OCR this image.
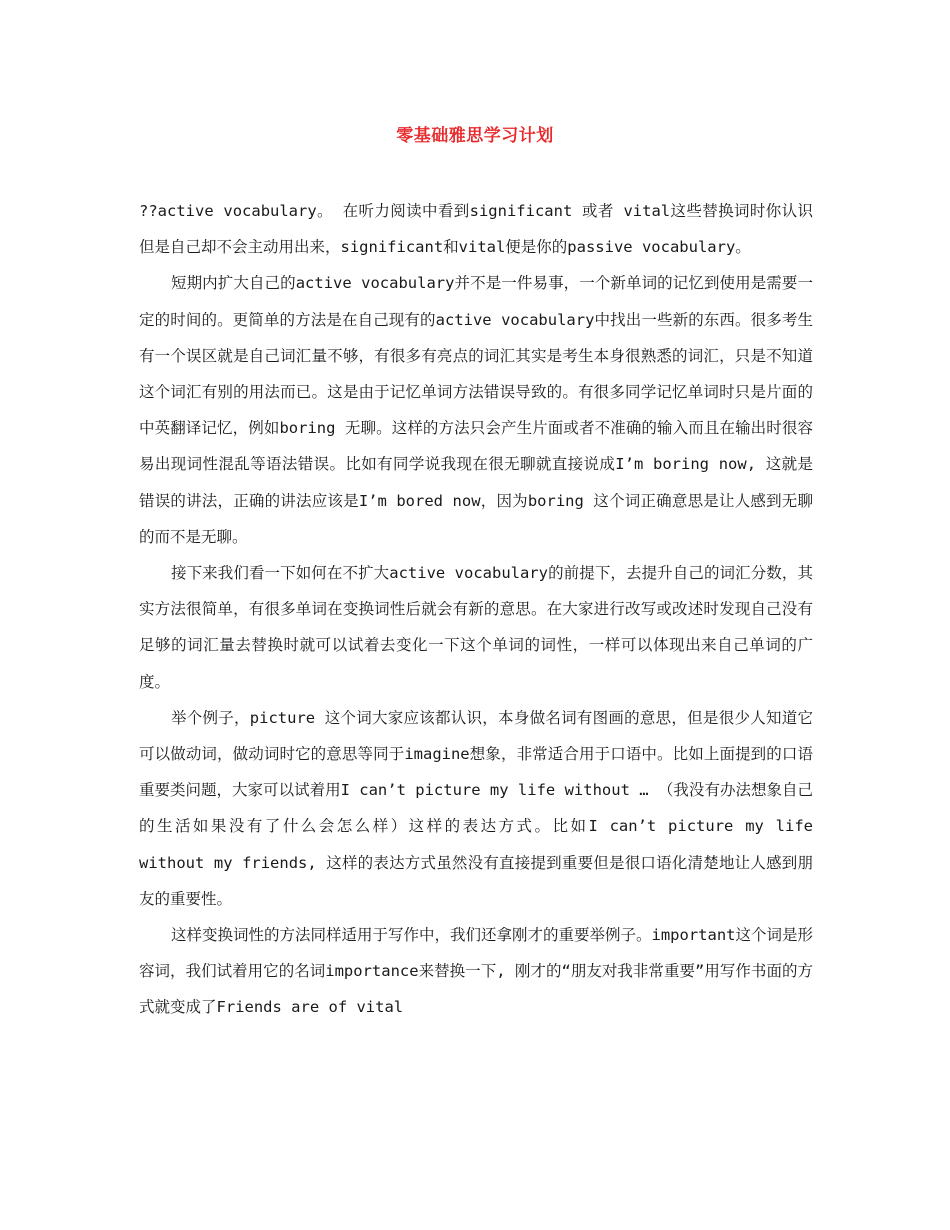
零基础雅思学习计划

??active vocabulary。 在听力阅读中看到significant 或者 vital这些替换词时你认识但是自己却不会主动用出来，significant和vital便是你的passive vocabulary。

短期内扩大自己的active vocabulary并不是一件易事，一个新单词的记忆到使用是需要一定的时间的。更简单的方法是在自己现有的active vocabulary中找出一些新的东西。很多考生有一个误区就是自己词汇量不够，有很多有亮点的词汇其实是考生本身很熟悉的词汇，只是不知道这个词汇有别的用法而已。这是由于记忆单词方法错误导致的。有很多同学记忆单词时只是片面的中英翻译记忆，例如boring 无聊。这样的方法只会产生片面或者不准确的输入而且在输出时很容易出现词性混乱等语法错误。比如有同学说我现在很无聊就直接说成I’m boring now, 这就是错误的讲法，正确的讲法应该是I’m bored now，因为boring 这个词正确意思是让人感到无聊的而不是无聊。

接下来我们看一下如何在不扩大active vocabulary的前提下，去提升自己的词汇分数，其实方法很简单，有很多单词在变换词性后就会有新的意思。在大家进行改写或改述时发现自己没有足够的词汇量去替换时就可以试着去变化一下这个单词的词性，一样可以体现出来自己单词的广度。

举个例子，picture 这个词大家应该都认识，本身做名词有图画的意思，但是很少人知道它可以做动词，做动词时它的意思等同于imagine想象，非常适合用于口语中。比如上面提到的口语重要类问题，大家可以试着用I can’t picture my life without … （我没有办法想象自己的生活如果没有了什么会怎么样）这样的表达方式。比如I can’t picture my life without my friends, 这样的表达方式虽然没有直接提到重要但是很口语化清楚地让人感到朋友的重要性。

这样变换词性的方法同样适用于写作中，我们还拿刚才的重要举例子。important这个词是形容词，我们试着用它的名词importance来替换一下, 刚才的“朋友对我非常重要”用写作书面的方式就变成了Friends are of vital
